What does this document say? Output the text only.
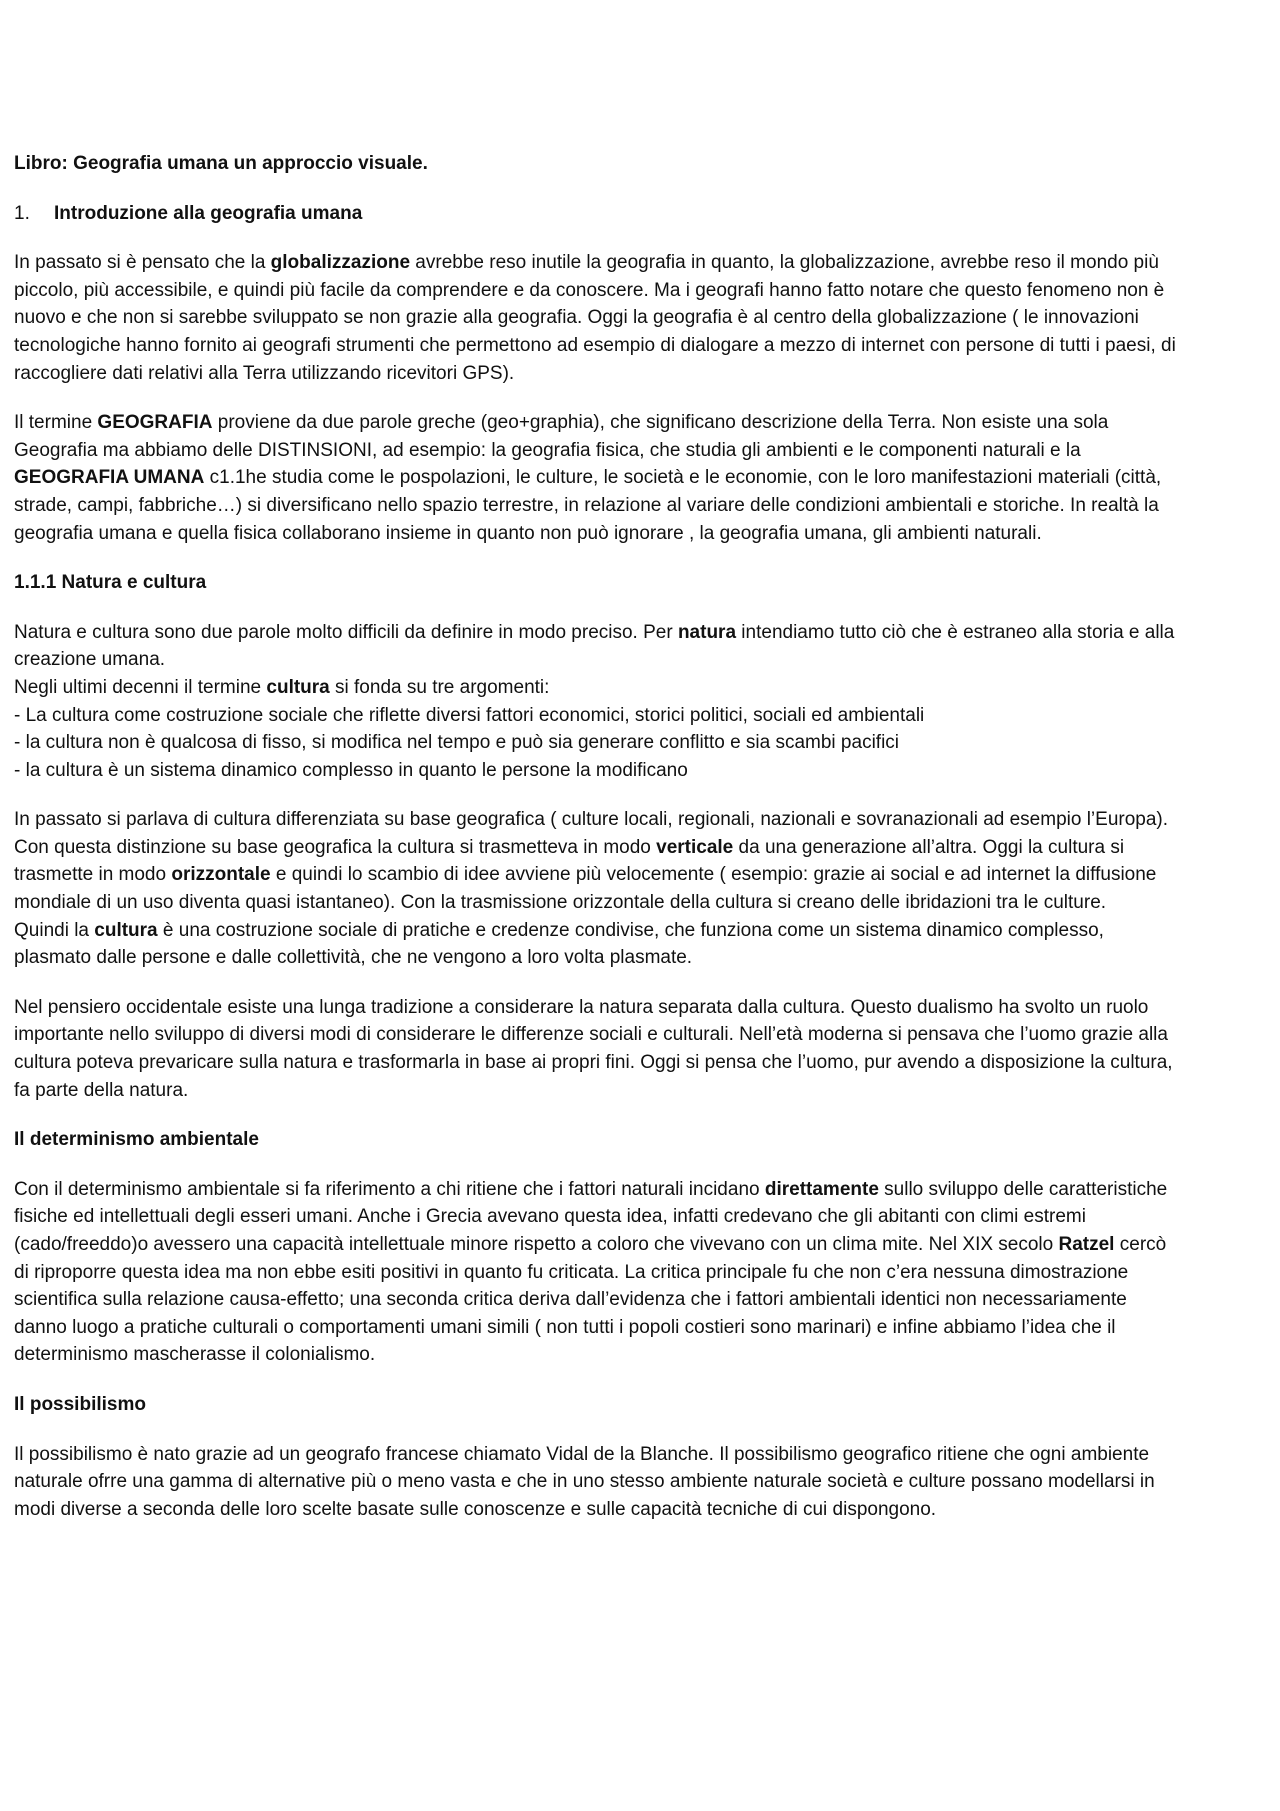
Libro: Geografia umana un approccio visuale.
1. Introduzione alla geografia umana

In passato si è pensato che la globalizzazione avrebbe reso inutile la geografia in quanto, la globalizzazione, avrebbe reso il mondo più piccolo, più accessibile, e quindi più facile da comprendere e da conoscere. Ma i geografi hanno fatto notare che questo fenomeno non è nuovo e che non si sarebbe sviluppato se non grazie alla geografia. Oggi la geografia è al centro della globalizzazione ( le innovazioni tecnologiche hanno fornito ai geografi strumenti che permettono ad esempio di dialogare a mezzo di internet con persone di tutti i paesi, di raccogliere dati relativi alla Terra utilizzando ricevitori GPS).

Il termine GEOGRAFIA proviene da due parole greche (geo+graphia), che significano descrizione della Terra. Non esiste una sola Geografia ma abbiamo delle DISTINSIONI, ad esempio: la geografia fisica, che studia gli ambienti e le componenti naturali e la GEOGRAFIA UMANA c1.1he studia come le pospolazioni, le culture, le società e le economie, con le loro manifestazioni materiali (città, strade, campi, fabbriche…) si diversificano nello spazio terrestre, in relazione al variare delle condizioni ambientali e storiche. In realtà la geografia umana e quella fisica collaborano insieme in quanto non può ignorare , la geografia umana, gli ambienti naturali.

1.1.1 Natura e cultura

Natura e cultura sono due parole molto difficili da definire in modo preciso. Per natura intendiamo tutto ciò che è estraneo alla storia e alla creazione umana.
Negli ultimi decenni il termine cultura si fonda su tre argomenti:
- La cultura come costruzione sociale che riflette diversi fattori economici, storici politici, sociali ed ambientali
- la cultura non è qualcosa di fisso, si modifica nel tempo e può sia generare conflitto e sia scambi pacifici
- la cultura è un sistema dinamico complesso in quanto le persone la modificano

In passato si parlava di cultura differenziata su base geografica ( culture locali, regionali, nazionali e sovranazionali ad esempio l’Europa). Con questa distinzione su base geografica la cultura si trasmetteva in modo verticale da una generazione all’altra. Oggi la cultura si trasmette in modo orizzontale e quindi lo scambio di idee avviene più velocemente ( esempio: grazie ai social e ad internet la diffusione mondiale di un uso diventa quasi istantaneo). Con la trasmissione orizzontale della cultura si creano delle ibridazioni tra le culture.
Quindi la cultura è una costruzione sociale di pratiche e credenze condivise, che funziona come un sistema dinamico complesso, plasmato dalle persone e dalle collettività, che ne vengono a loro volta plasmate.

Nel pensiero occidentale esiste una lunga tradizione a considerare la natura separata dalla cultura. Questo dualismo ha svolto un ruolo importante nello sviluppo di diversi modi di considerare le differenze sociali e culturali. Nell’età moderna si pensava che l’uomo grazie alla cultura poteva prevaricare sulla natura e trasformarla in base ai propri fini. Oggi si pensa che l’uomo, pur avendo a disposizione la cultura, fa parte della natura.

Il determinismo ambientale

Con il determinismo ambientale si fa riferimento a chi ritiene che i fattori naturali incidano direttamente sullo sviluppo delle caratteristiche fisiche ed intellettuali degli esseri umani. Anche i Grecia avevano questa idea, infatti credevano che gli abitanti con climi estremi (cado/freeddo)o avessero una capacità intellettuale minore rispetto a coloro che vivevano con un clima mite. Nel XIX secolo Ratzel cercò di riproporre questa idea ma non ebbe esiti positivi in quanto fu criticata. La critica principale fu che non c’era nessuna dimostrazione scientifica sulla relazione causa-effetto; una seconda critica deriva dall’evidenza che i fattori ambientali identici non necessariamente danno luogo a pratiche culturali o comportamenti umani simili ( non tutti i popoli costieri sono marinari) e infine abbiamo l’idea che il determinismo mascherasse il colonialismo.

Il possibilismo

Il possibilismo è nato grazie ad un geografo francese chiamato Vidal de la Blanche. Il possibilismo geografico ritiene che ogni ambiente naturale ofrre una gamma di alternative più o meno vasta e che in uno stesso ambiente naturale società e culture possano modellarsi in modi diverse a seconda delle loro scelte basate sulle conoscenze e sulle capacità tecniche di cui dispongono.
